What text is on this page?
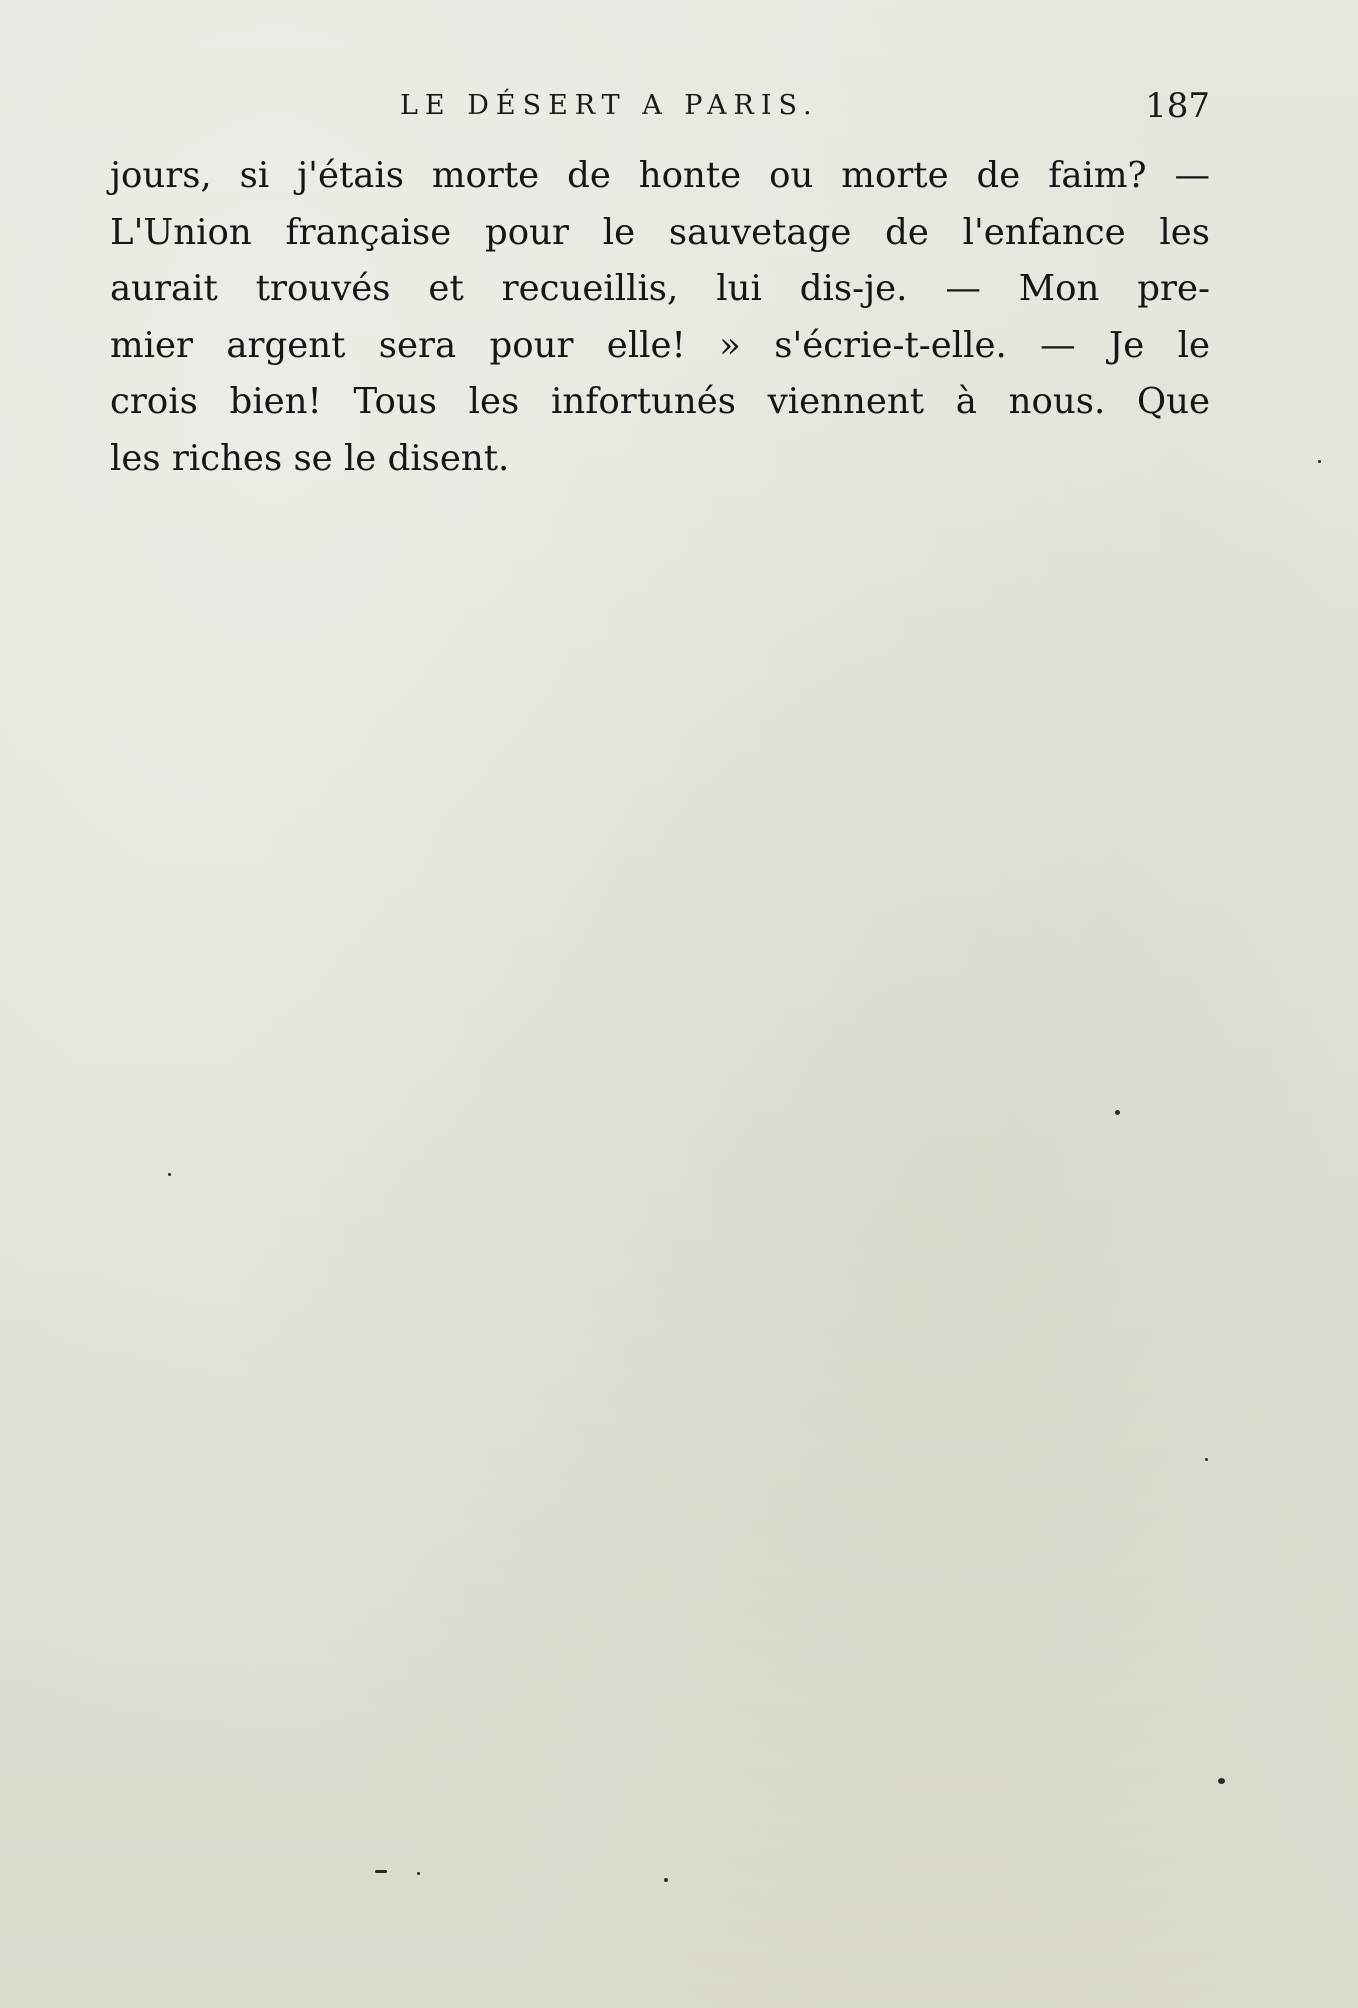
LE DÉSERT A PARIS.	187
jours, si j'étais morte de honte ou morte de faim? —
L'Union française pour le sauvetage de l'enfance les
aurait trouvés et recueillis, lui dis-je. — Mon pre-
mier argent sera pour elle! » s'écrie-t-elle. — Je le
crois bien! Tous les infortunés viennent à nous. Que
les riches se le disent.
